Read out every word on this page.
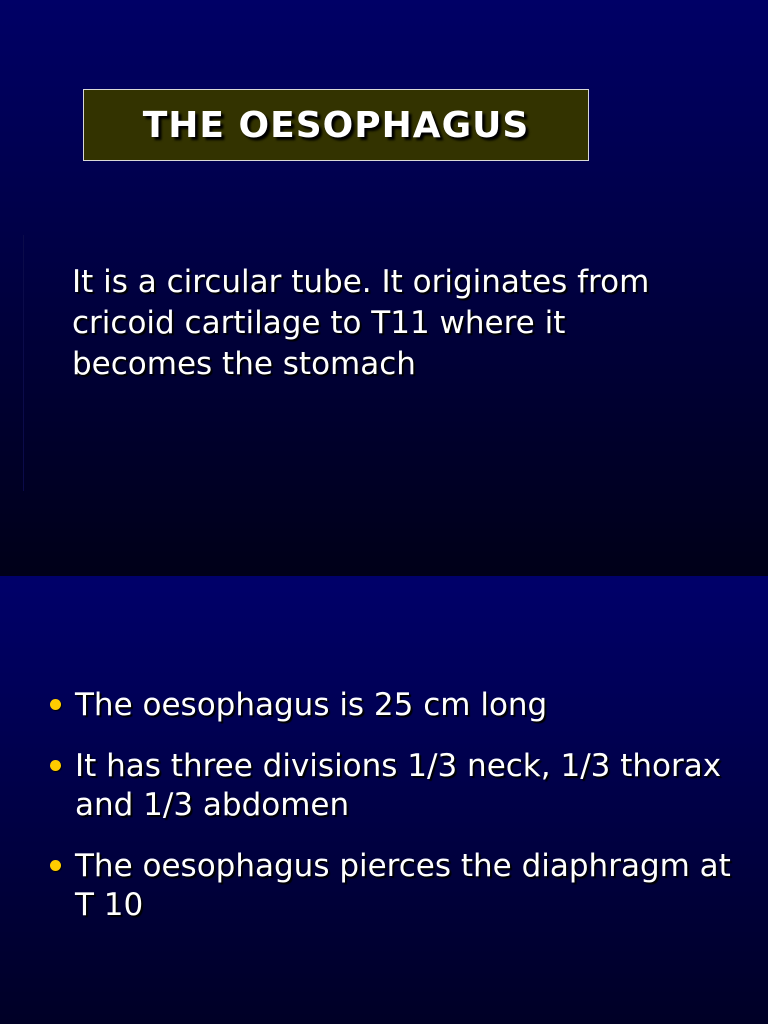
THE OESOPHAGUS
It is a circular tube. It originates from cricoid cartilage to T11 where it becomes the stomach
The oesophagus is 25 cm long
It has three divisions 1/3 neck, 1/3 thorax and 1/3 abdomen
The oesophagus pierces the diaphragm at T 10
